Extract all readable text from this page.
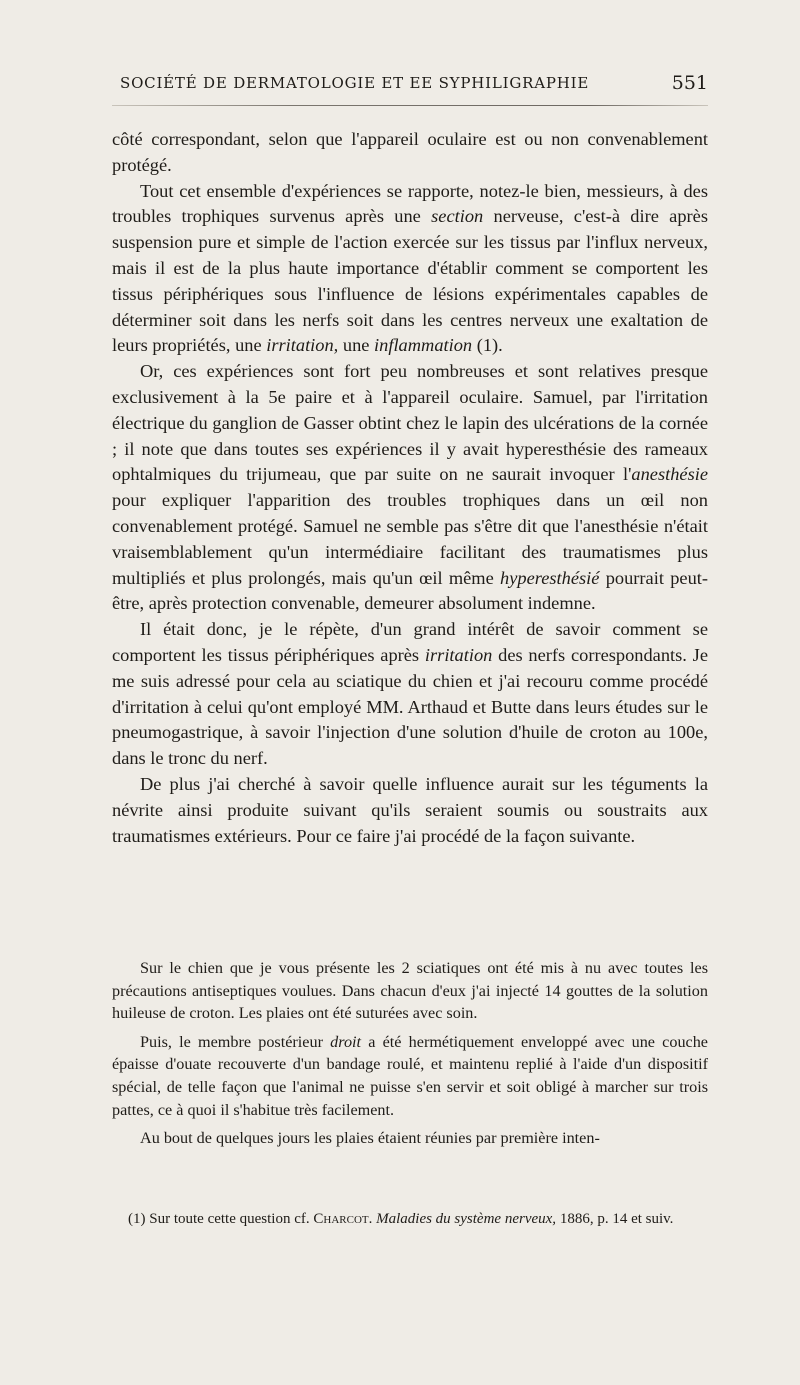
SOCIÉTÉ DE DERMATOLOGIE ET EE SYPHILIGRAPHIE	551

côté correspondant, selon que l'appareil oculaire est ou non convenablement protégé.

Tout cet ensemble d'expériences se rapporte, notez-le bien, messieurs, à des troubles trophiques survenus après une section nerveuse, c'est-à dire après suspension pure et simple de l'action exercée sur les tissus par l'influx nerveux, mais il est de la plus haute importance d'établir comment se comportent les tissus périphériques sous l'influence de lésions expérimentales capables de déterminer soit dans les nerfs soit dans les centres nerveux une exaltation de leurs propriétés, une irritation, une inflammation (1).

Or, ces expériences sont fort peu nombreuses et sont relatives presque exclusivement à la 5e paire et à l'appareil oculaire. Samuel, par l'irritation électrique du ganglion de Gasser obtint chez le lapin des ulcérations de la cornée ; il note que dans toutes ses expériences il y avait hyperesthésie des rameaux ophtalmiques du trijumeau, que par suite on ne saurait invoquer l'anesthésie pour expliquer l'apparition des troubles trophiques dans un œil non convenablement protégé. Samuel ne semble pas s'être dit que l'anesthésie n'était vraisemblablement qu'un intermédiaire facilitant des traumatismes plus multipliés et plus prolongés, mais qu'un œil même hyperesthésié pourrait peut-être, après protection convenable, demeurer absolument indemne.

Il était donc, je le répète, d'un grand intérêt de savoir comment se comportent les tissus périphériques après irritation des nerfs correspondants. Je me suis adressé pour cela au sciatique du chien et j'ai recouru comme procédé d'irritation à celui qu'ont employé MM. Arthaud et Butte dans leurs études sur le pneumogastrique, à savoir l'injection d'une solution d'huile de croton au 100e, dans le tronc du nerf.

De plus j'ai cherché à savoir quelle influence aurait sur les téguments la névrite ainsi produite suivant qu'ils seraient soumis ou soustraits aux traumatismes extérieurs. Pour ce faire j'ai procédé de la façon suivante.

Sur le chien que je vous présente les 2 sciatiques ont été mis à nu avec toutes les précautions antiseptiques voulues. Dans chacun d'eux j'ai injecté 14 gouttes de la solution huileuse de croton. Les plaies ont été suturées avec soin.

Puis, le membre postérieur droit a été hermétiquement enveloppé avec une couche épaisse d'ouate recouverte d'un bandage roulé, et maintenu replié à l'aide d'un dispositif spécial, de telle façon que l'animal ne puisse s'en servir et soit obligé à marcher sur trois pattes, ce à quoi il s'habitue très facilement.

Au bout de quelques jours les plaies étaient réunies par première inten-

(1) Sur toute cette question cf. Charcot. Maladies du système nerveux, 1886, p. 14 et suiv.
